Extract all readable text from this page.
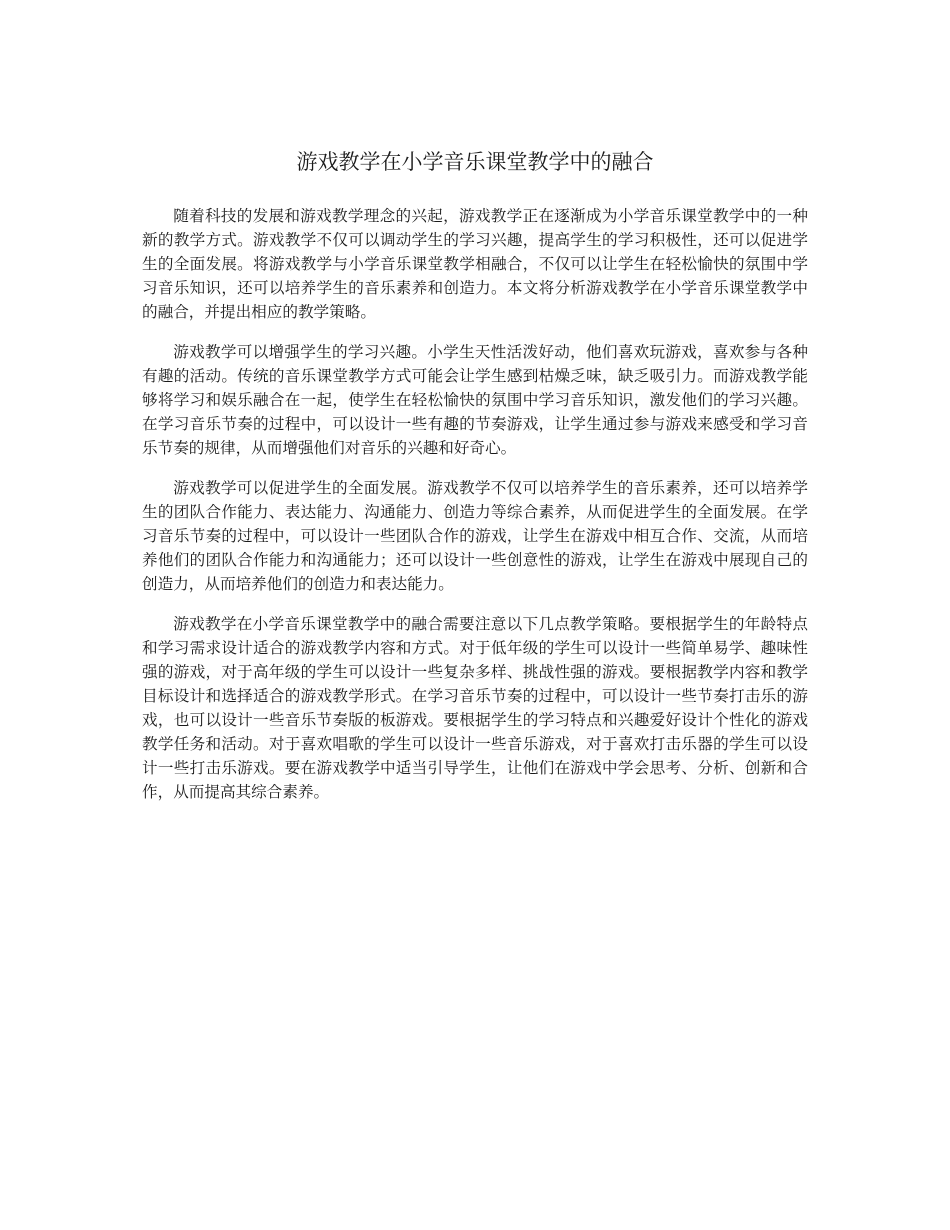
游戏教学在小学音乐课堂教学中的融合

随着科技的发展和游戏教学理念的兴起，游戏教学正在逐渐成为小学音乐课堂教学中的一种新的教学方式。游戏教学不仅可以调动学生的学习兴趣，提高学生的学习积极性，还可以促进学生的全面发展。将游戏教学与小学音乐课堂教学相融合，不仅可以让学生在轻松愉快的氛围中学习音乐知识，还可以培养学生的音乐素养和创造力。本文将分析游戏教学在小学音乐课堂教学中的融合，并提出相应的教学策略。

游戏教学可以增强学生的学习兴趣。小学生天性活泼好动，他们喜欢玩游戏，喜欢参与各种有趣的活动。传统的音乐课堂教学方式可能会让学生感到枯燥乏味，缺乏吸引力。而游戏教学能够将学习和娱乐融合在一起，使学生在轻松愉快的氛围中学习音乐知识，激发他们的学习兴趣。在学习音乐节奏的过程中，可以设计一些有趣的节奏游戏，让学生通过参与游戏来感受和学习音乐节奏的规律，从而增强他们对音乐的兴趣和好奇心。

游戏教学可以促进学生的全面发展。游戏教学不仅可以培养学生的音乐素养，还可以培养学生的团队合作能力、表达能力、沟通能力、创造力等综合素养，从而促进学生的全面发展。在学习音乐节奏的过程中，可以设计一些团队合作的游戏，让学生在游戏中相互合作、交流，从而培养他们的团队合作能力和沟通能力；还可以设计一些创意性的游戏，让学生在游戏中展现自己的创造力，从而培养他们的创造力和表达能力。

游戏教学在小学音乐课堂教学中的融合需要注意以下几点教学策略。要根据学生的年龄特点和学习需求设计适合的游戏教学内容和方式。对于低年级的学生可以设计一些简单易学、趣味性强的游戏，对于高年级的学生可以设计一些复杂多样、挑战性强的游戏。要根据教学内容和教学目标设计和选择适合的游戏教学形式。在学习音乐节奏的过程中，可以设计一些节奏打击乐的游戏，也可以设计一些音乐节奏版的板游戏。要根据学生的学习特点和兴趣爱好设计个性化的游戏教学任务和活动。对于喜欢唱歌的学生可以设计一些音乐游戏，对于喜欢打击乐器的学生可以设计一些打击乐游戏。要在游戏教学中适当引导学生，让他们在游戏中学会思考、分析、创新和合作，从而提高其综合素养。
